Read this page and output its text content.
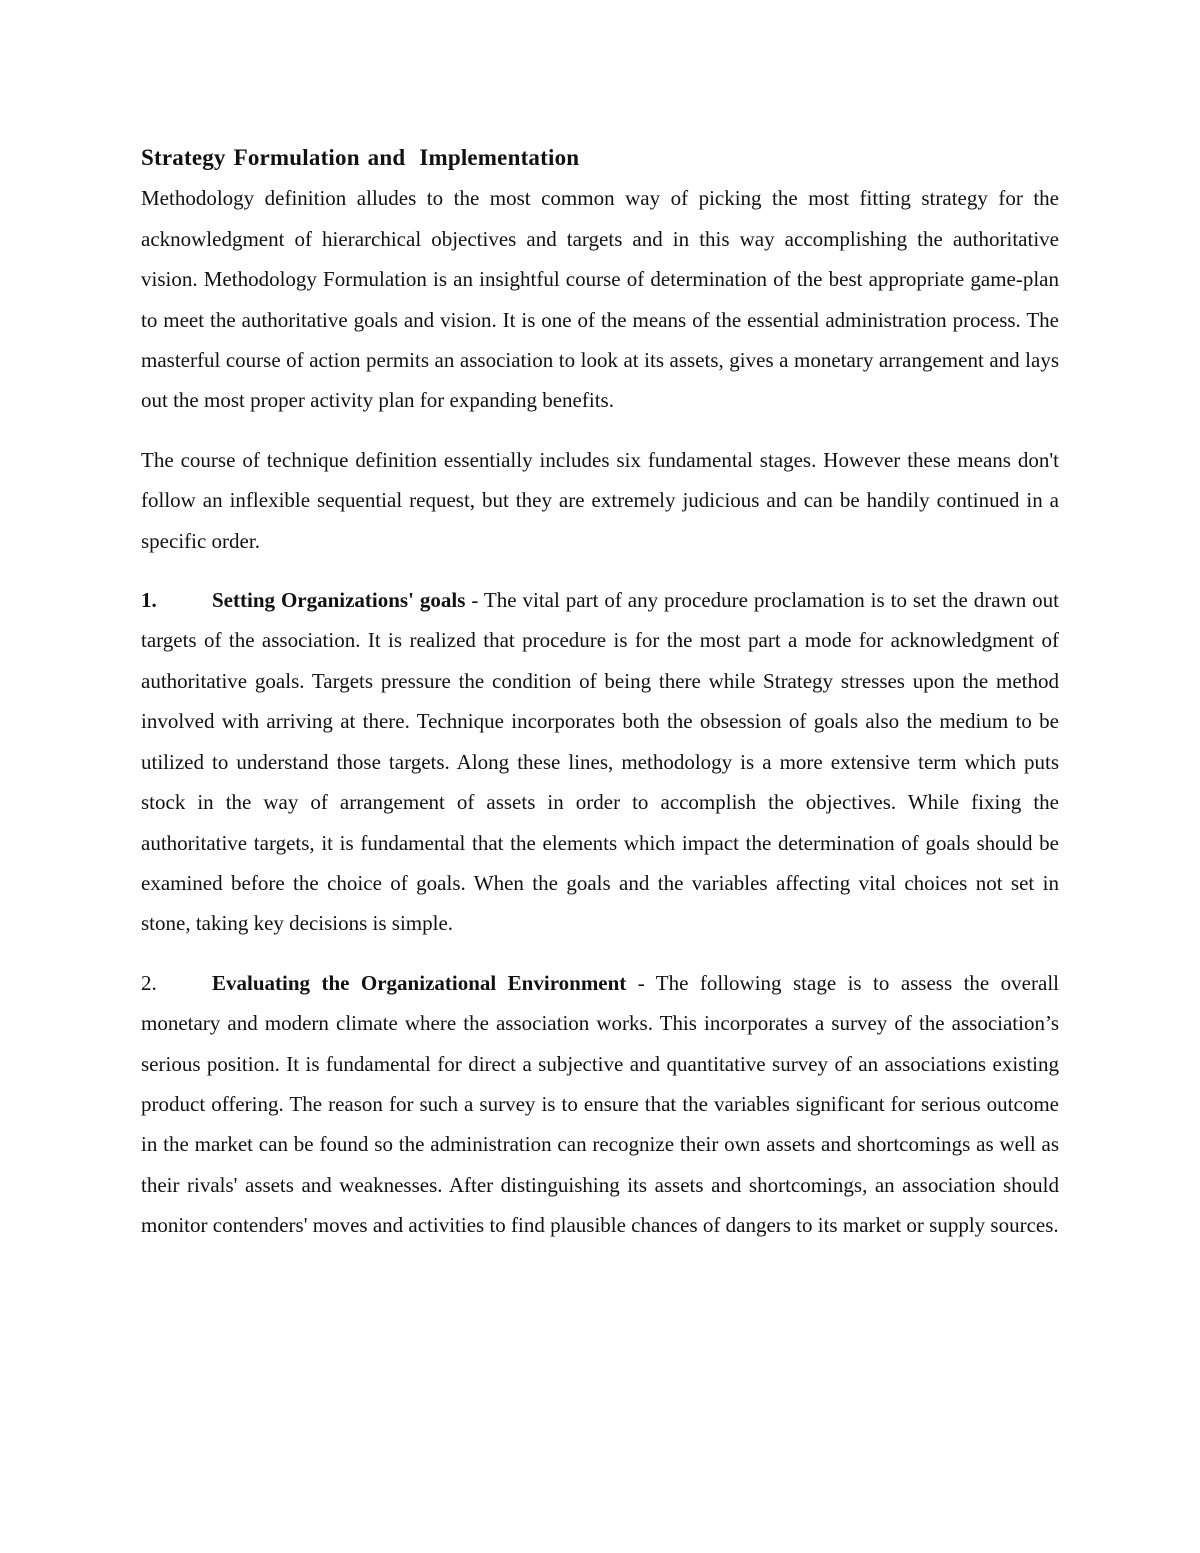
Strategy Formulation and Implementation

Methodology definition alludes to the most common way of picking the most fitting strategy for the acknowledgment of hierarchical objectives and targets and in this way accomplishing the authoritative vision. Methodology Formulation is an insightful course of determination of the best appropriate game-plan to meet the authoritative goals and vision. It is one of the means of the essential administration process. The masterful course of action permits an association to look at its assets, gives a monetary arrangement and lays out the most proper activity plan for expanding benefits.

The course of technique definition essentially includes six fundamental stages. However these means don't follow an inflexible sequential request, but they are extremely judicious and can be handily continued in a specific order.

1.	Setting Organizations' goals - The vital part of any procedure proclamation is to set the drawn out targets of the association. It is realized that procedure is for the most part a mode for acknowledgment of authoritative goals. Targets pressure the condition of being there while Strategy stresses upon the method involved with arriving at there. Technique incorporates both the obsession of goals also the medium to be utilized to understand those targets. Along these lines, methodology is a more extensive term which puts stock in the way of arrangement of assets in order to accomplish the objectives. While fixing the authoritative targets, it is fundamental that the elements which impact the determination of goals should be examined before the choice of goals. When the goals and the variables affecting vital choices not set in stone, taking key decisions is simple.

2.	Evaluating the Organizational Environment - The following stage is to assess the overall monetary and modern climate where the association works. This incorporates a survey of the association’s serious position. It is fundamental for direct a subjective and quantitative survey of an associations existing product offering. The reason for such a survey is to ensure that the variables significant for serious outcome in the market can be found so the administration can recognize their own assets and shortcomings as well as their rivals' assets and weaknesses. After distinguishing its assets and shortcomings, an association should monitor contenders' moves and activities to find plausible chances of dangers to its market or supply sources.
